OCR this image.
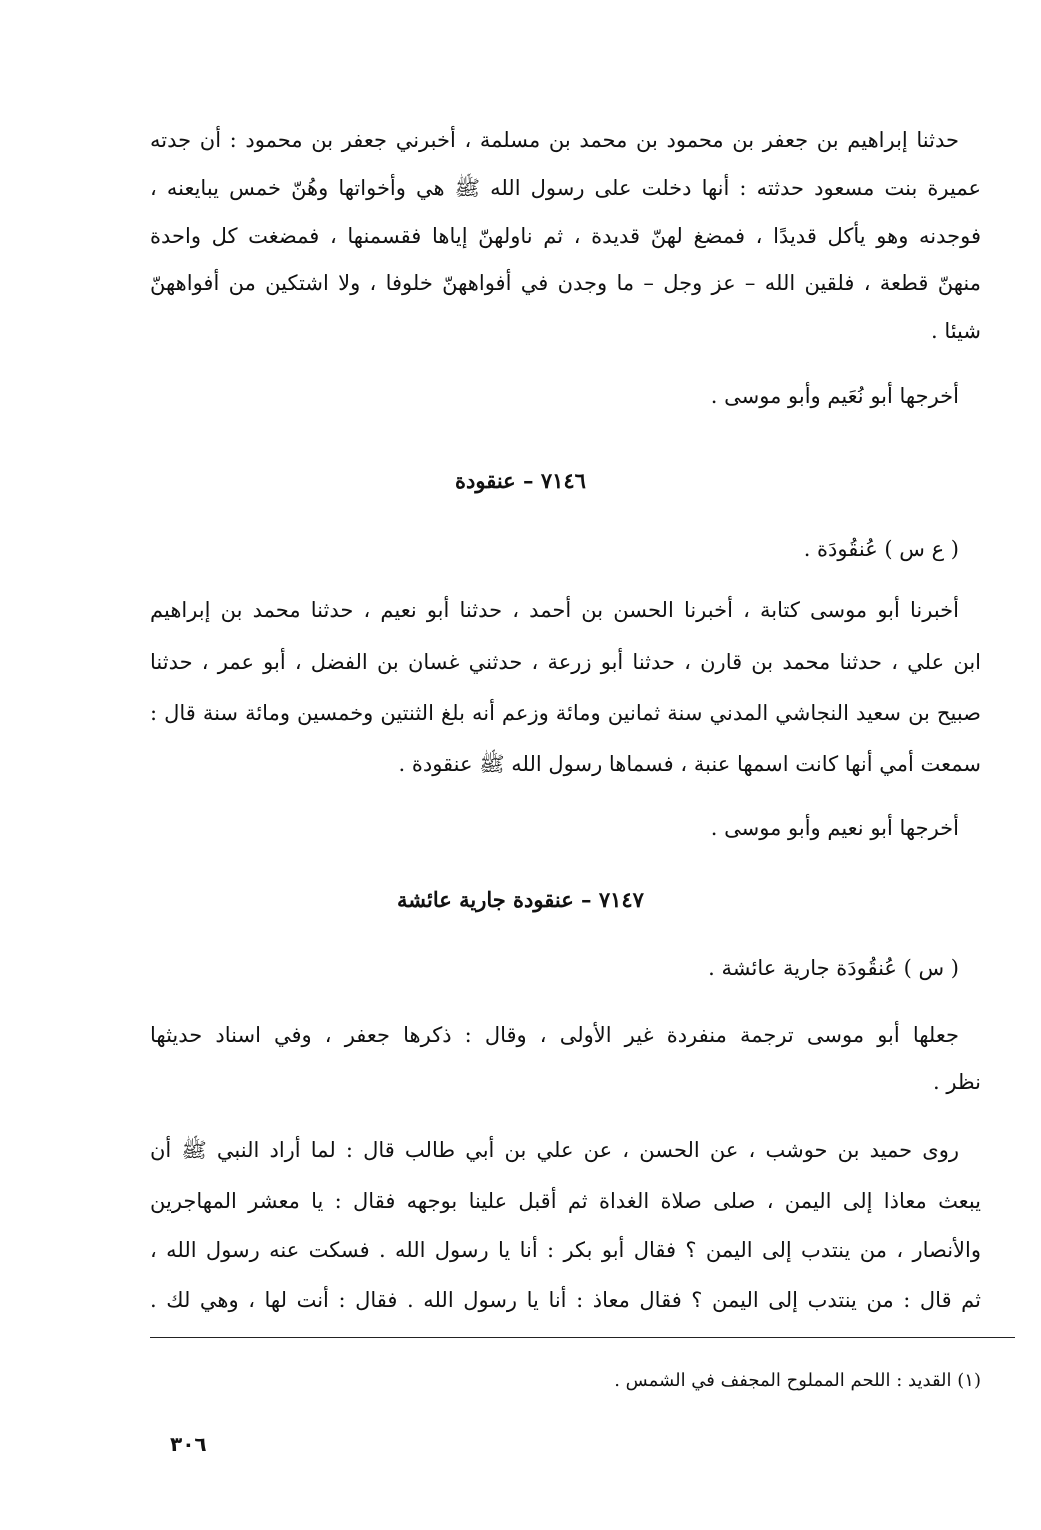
حدثنا إبراهيم بن جعفر بن محمود بن محمد بن مسلمة ، أخبرني جعفر بن محمود : أن جدته
عميرة بنت مسعود حدثته : أنها دخلت على رسول الله ﷺ هي وأخواتها وهُنّ خمس يبايعنه ،
فوجدنه وهو يأكل قديدًا ، فمضغ لهنّ قديدة ، ثم ناولهنّ إياها فقسمنها ، فمضغت كل واحدة
منهنّ قطعة ، فلقين الله – عز وجل – ما وجدن في أفواههنّ خلوفا ، ولا اشتكين من أفواههنّ
شيئا .
أخرجها أبو نُعَيم وأبو موسى .
٧١٤٦ – عنقودة
( ع س ) عُنقُودَة .
أخبرنا أبو موسى كتابة ، أخبرنا الحسن بن أحمد ، حدثنا أبو نعيم ، حدثنا محمد بن إبراهيم
ابن علي ، حدثنا محمد بن قارن ، حدثنا أبو زرعة ، حدثني غسان بن الفضل ، أبو عمر ، حدثنا
صبيح بن سعيد النجاشي المدني سنة ثمانين ومائة وزعم أنه بلغ الثنتين وخمسين ومائة سنة قال :
سمعت أمي أنها كانت اسمها عنبة ، فسماها رسول الله ﷺ عنقودة .
أخرجها أبو نعيم وأبو موسى .
٧١٤٧ – عنقودة جارية عائشة
( س ) عُنقُودَة جارية عائشة .
جعلها أبو موسى ترجمة منفردة غير الأولى ، وقال : ذكرها جعفر ، وفي اسناد حديثها
نظر .
روى حميد بن حوشب ، عن الحسن ، عن علي بن أبي طالب قال : لما أراد النبي ﷺ أن
يبعث معاذا إلى اليمن ، صلى صلاة الغداة ثم أقبل علينا بوجهه فقال : يا معشر المهاجرين
والأنصار ، من ينتدب إلى اليمن ؟ فقال أبو بكر : أنا يا رسول الله . فسكت عنه رسول الله ،
ثم قال : من ينتدب إلى اليمن ؟ فقال معاذ : أنا يا رسول الله . فقال : أنت لها ، وهي لك .
(١) القديد : اللحم المملوح المجفف في الشمس .
٣٠٦
